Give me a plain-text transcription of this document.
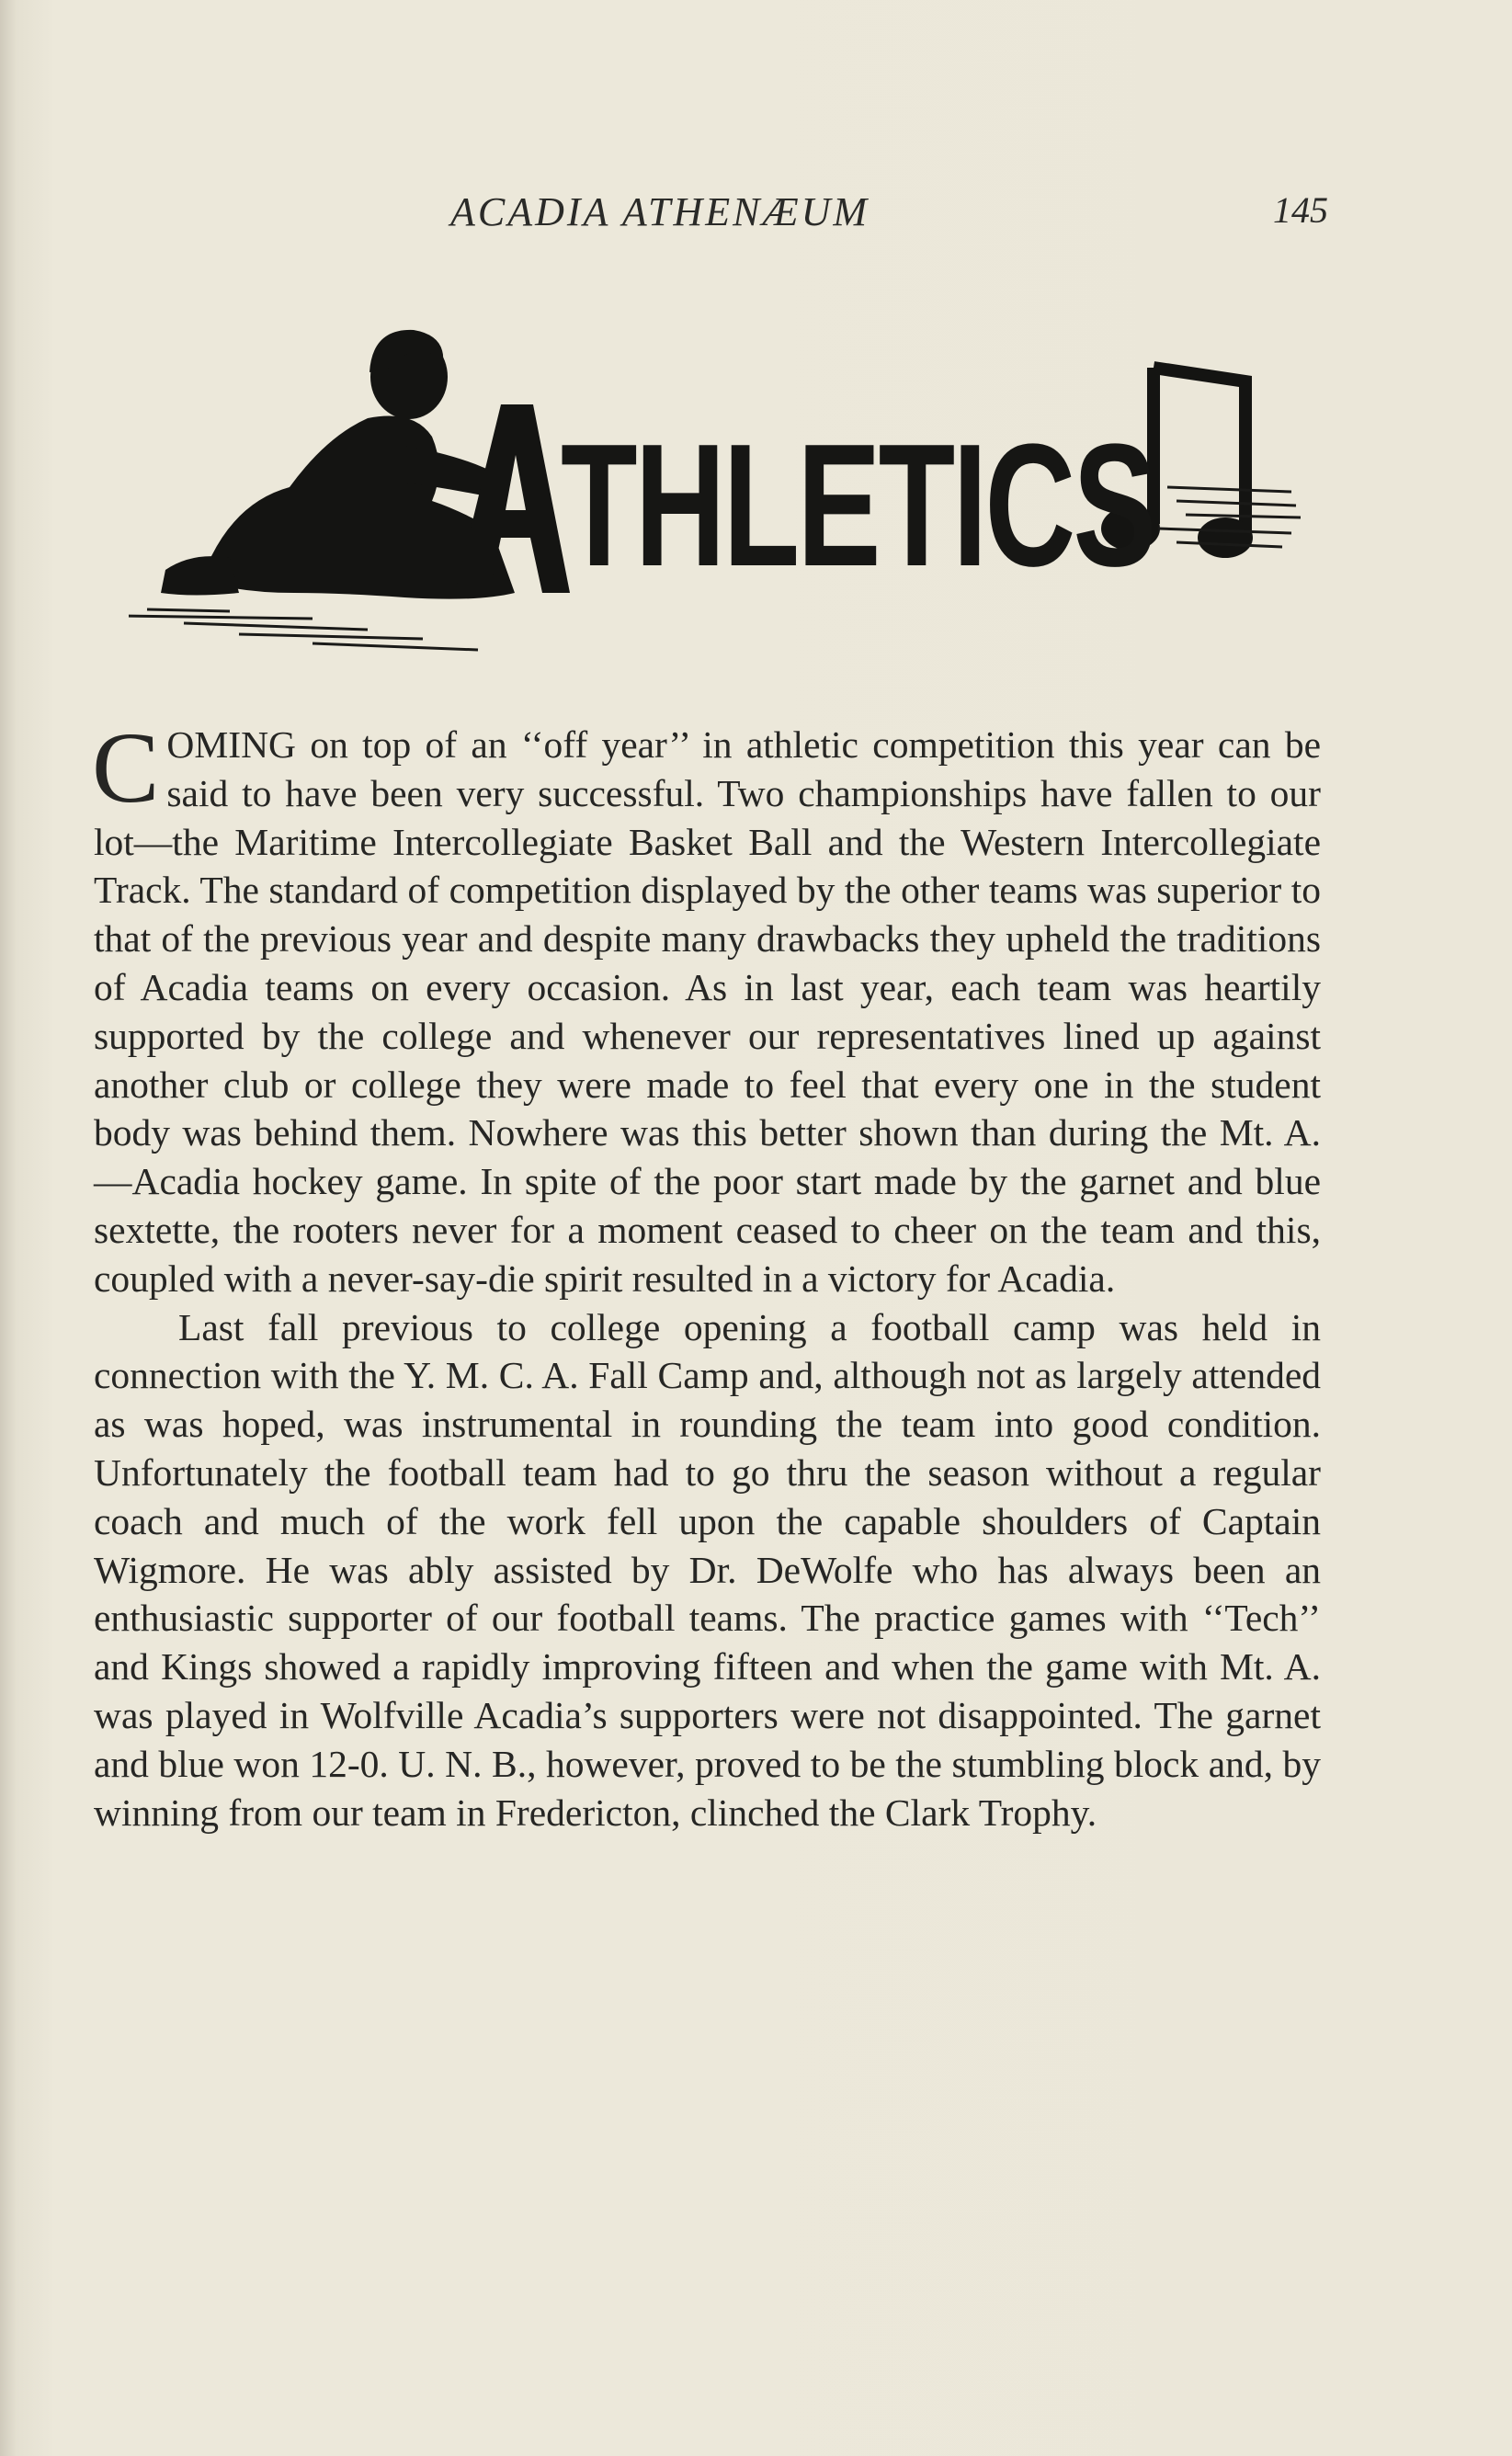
ACADIA ATHENÆUM	145
THLETICS

COMING on top of an ‘‘off year’’ in athletic competition this year can be said to have been very successful. Two championships have fallen to our lot—the Maritime Intercollegiate Basket Ball and the Western Intercollegiate Track. The standard of competition displayed by the other teams was superior to that of the previous year and despite many drawbacks they upheld the traditions of Acadia teams on every occasion. As in last year, each team was heartily supported by the college and whenever our representatives lined up against another club or college they were made to feel that every one in the student body was behind them. Nowhere was this better shown than during the Mt. A.—Acadia hockey game. In spite of the poor start made by the garnet and blue sextette, the rooters never for a moment ceased to cheer on the team and this, coupled with a never-say-die spirit resulted in a victory for Acadia.

Last fall previous to college opening a football camp was held in connection with the Y. M. C. A. Fall Camp and, although not as largely attended as was hoped, was instrumental in rounding the team into good condition. Unfortunately the football team had to go thru the season without a regular coach and much of the work fell upon the capable shoulders of Captain Wigmore. He was ably assisted by Dr. DeWolfe who has always been an enthusiastic supporter of our football teams. The practice games with ‘‘Tech’’ and Kings showed a rapidly improving fifteen and when the game with Mt. A. was played in Wolfville Acadia’s supporters were not disappointed. The garnet and blue won 12-0. U. N. B., however, proved to be the stumbling block and, by winning from our team in Fredericton, clinched the Clark Trophy.
